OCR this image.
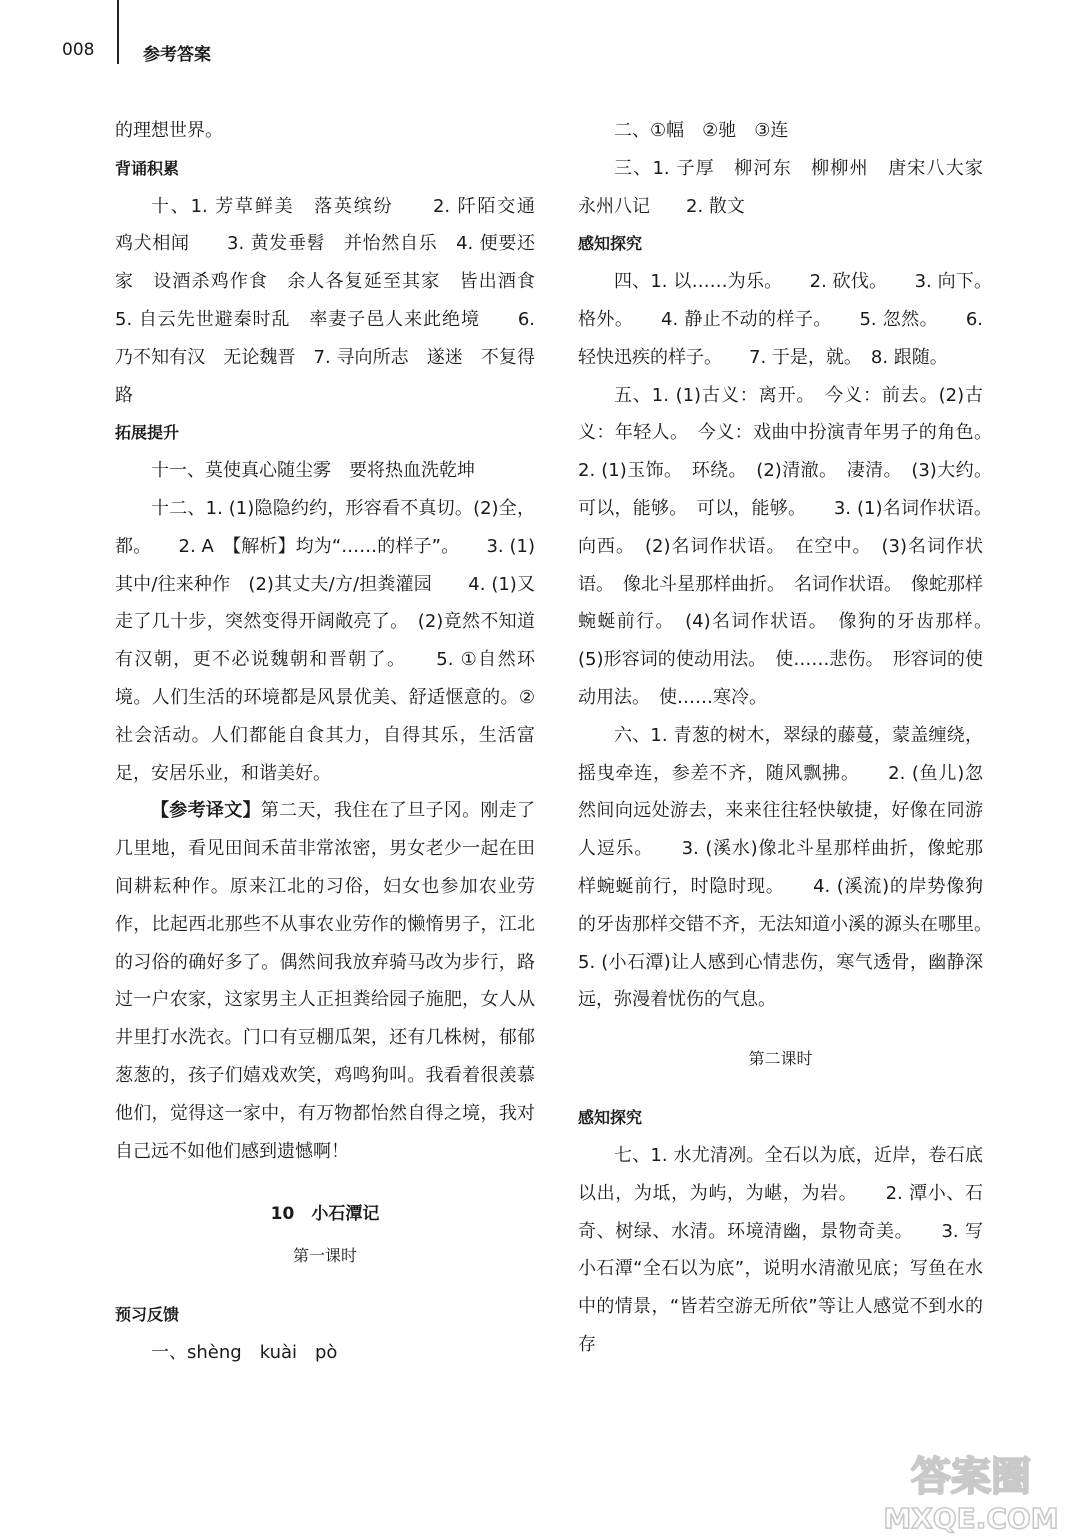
008	参考答案

的理想世界。

背诵积累

十、1. 芳草鲜美　落英缤纷　　2. 阡陌交通　鸡犬相闻　　3. 黄发垂髫　并怡然自乐　4. 便要还家　设酒杀鸡作食　余人各复延至其家　皆出酒食　　5. 自云先世避秦时乱　率妻子邑人来此绝境　　6. 乃不知有汉　无论魏晋　7. 寻向所志　遂迷　不复得路

拓展提升

十一、莫使真心随尘雾　要将热血洗乾坤

十二、1. (1)隐隐约约，形容看不真切。(2)全，都。　　2. A　【解析】均为“……的样子”。　　3. (1)其中/往来种作　(2)其丈夫/方/担粪灌园　　4. (1)又走了几十步，突然变得开阔敞亮了。　(2)竟然不知道有汉朝，更不必说魏朝和晋朝了。　　5. ①自然环境。人们生活的环境都是风景优美、舒适惬意的。②社会活动。人们都能自食其力，自得其乐，生活富足，安居乐业，和谐美好。

【参考译文】第二天，我住在了旦子冈。刚走了几里地，看见田间禾苗非常浓密，男女老少一起在田间耕耘种作。原来江北的习俗，妇女也参加农业劳作，比起西北那些不从事农业劳作的懒惰男子，江北的习俗的确好多了。偶然间我放弃骑马改为步行，路过一户农家，这家男主人正担粪给园子施肥，女人从井里打水洗衣。门口有豆棚瓜架，还有几株树，郁郁葱葱的，孩子们嬉戏欢笑，鸡鸣狗叫。我看着很羡慕他们，觉得这一家中，有万物都怡然自得之境，我对自己远不如他们感到遗憾啊！

10　小石潭记
第一课时
预习反馈

一、shèng　kuài　pò

二、①幅　②驰　③连

三、1. 子厚　柳河东　柳柳州　唐宋八大家　永州八记　　2. 散文

感知探究

四、1. 以……为乐。　　2. 砍伐。　　3. 向下。　格外。　　4. 静止不动的样子。　　5. 忽然。　　6. 轻快迅疾的样子。　　7. 于是，就。　8. 跟随。

五、1. (1)古义：离开。　今义：前去。(2)古义：年轻人。　今义：戏曲中扮演青年男子的角色。　　2. (1)玉饰。　环绕。　(2)清澈。　凄清。　(3)大约。　可以，能够。　可以，能够。　　3. (1)名词作状语。　向西。　(2)名词作状语。　在空中。　(3)名词作状语。　像北斗星那样曲折。　名词作状语。　像蛇那样蜿蜒前行。　(4)名词作状语。　像狗的牙齿那样。　(5)形容词的使动用法。　使……悲伤。　形容词的使动用法。　使……寒冷。

六、1. 青葱的树木，翠绿的藤蔓，蒙盖缠绕，摇曳牵连，参差不齐，随风飘拂。　　2. (鱼儿)忽然间向远处游去，来来往往轻快敏捷，好像在同游人逗乐。　　3. (溪水)像北斗星那样曲折，像蛇那样蜿蜒前行，时隐时现。　　4. (溪流)的岸势像狗的牙齿那样交错不齐，无法知道小溪的源头在哪里。　　5. (小石潭)让人感到心情悲伤，寒气透骨，幽静深远，弥漫着忧伤的气息。

第二课时
感知探究

七、1. 水尤清冽。全石以为底，近岸，卷石底以出，为坻，为屿，为嵁，为岩。　　2. 潭小、石奇、树绿、水清。环境清幽，景物奇美。　　3. 写小石潭“全石以为底”，说明水清澈见底；写鱼在水中的情景，“皆若空游无所依”等让人感觉不到水的存

答案圈
MXQE.COM
